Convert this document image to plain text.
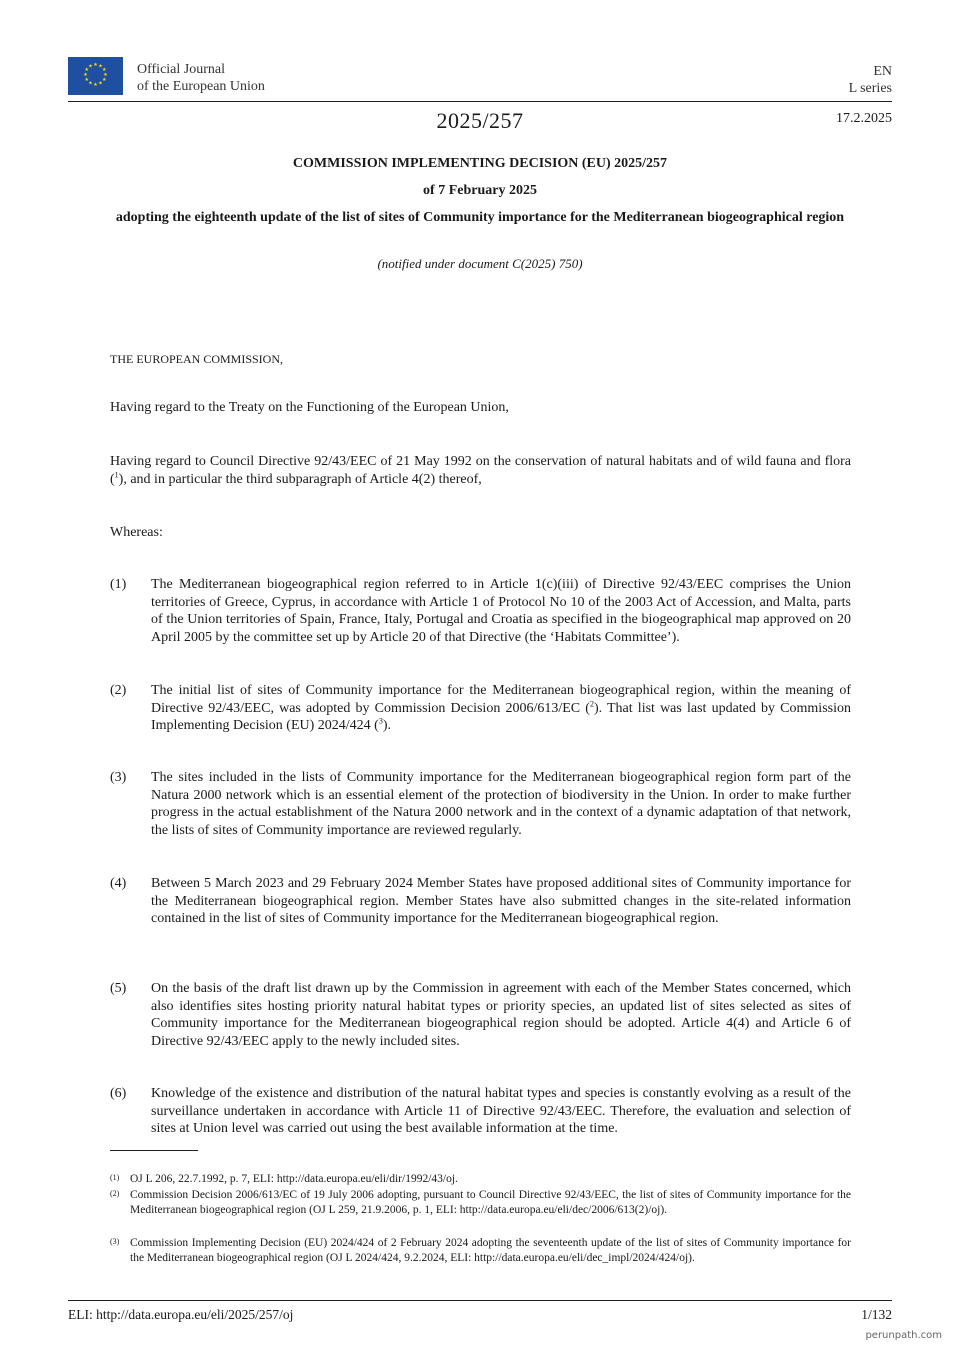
★ ★
★
★
★
★
★
★
★
★
★
★	Official Journal
of the European Union
EN
L series
2025/257	17.2.2025
COMMISSION IMPLEMENTING DECISION (EU) 2025/257
of 7 February 2025
adopting the eighteenth update of the list of sites of Community importance for the Mediterranean biogeographical region
(notified under document C(2025) 750)
THE EUROPEAN COMMISSION,
Having regard to the Treaty on the Functioning of the European Union,
Having regard to Council Directive 92/43/EEC of 21 May 1992 on the conservation of natural habitats and of wild fauna and flora ($^1$), and in particular the third subparagraph of Article 4(2) thereof,
Whereas:
(1) The Mediterranean biogeographical region referred to in Article 1(c)(iii) of Directive 92/43/EEC comprises the Union territories of Greece, Cyprus, in accordance with Article 1 of Protocol No 10 of the 2003 Act of Accession, and Malta, parts of the Union territories of Spain, France, Italy, Portugal and Croatia as specified in the biogeographical map approved on 20 April 2005 by the committee set up by Article 20 of that Directive (the ‘Habitats Committee’).
(2) The initial list of sites of Community importance for the Mediterranean biogeographical region, within the meaning of Directive 92/43/EEC, was adopted by Commission Decision 2006/613/EC ($^2$). That list was last updated by Commission Implementing Decision (EU) 2024/424 ($^3$).
(3) The sites included in the lists of Community importance for the Mediterranean biogeographical region form part of the Natura 2000 network which is an essential element of the protection of biodiversity in the Union. In order to make further progress in the actual establishment of the Natura 2000 network and in the context of a dynamic adaptation of that network, the lists of sites of Community importance are reviewed regularly.
(4) Between 5 March 2023 and 29 February 2024 Member States have proposed additional sites of Community importance for the Mediterranean biogeographical region. Member States have also submitted changes in the site-related information contained in the list of sites of Community importance for the Mediterranean biogeographical region.
(5) On the basis of the draft list drawn up by the Commission in agreement with each of the Member States concerned, which also identifies sites hosting priority natural habitat types or priority species, an updated list of sites selected as sites of Community importance for the Mediterranean biogeographical region should be adopted. Article 4(4) and Article 6 of Directive 92/43/EEC apply to the newly included sites.
(6) Knowledge of the existence and distribution of the natural habitat types and species is constantly evolving as a result of the surveillance undertaken in accordance with Article 11 of Directive 92/43/EEC. Therefore, the evaluation and selection of sites at Union level was carried out using the best available information at the time.
(1) OJ L 206, 22.7.1992, p. 7, ELI: http://data.europa.eu/eli/dir/1992/43/oj.
(2) Commission Decision 2006/613/EC of 19 July 2006 adopting, pursuant to Council Directive 92/43/EEC, the list of sites of Community importance for the Mediterranean biogeographical region (OJ L 259, 21.9.2006, p. 1, ELI: http://data.europa.eu/eli/dec/2006/613(2)/oj).
(3) Commission Implementing Decision (EU) 2024/424 of 2 February 2024 adopting the seventeenth update of the list of sites of Community importance for the Mediterranean biogeographical region (OJ L 2024/424, 9.2.2024, ELI: http://data.europa.eu/eli/dec_impl/2024/424/oj).
ELI: http://data.europa.eu/eli/2025/257/oj	1/132
perunpath.com
